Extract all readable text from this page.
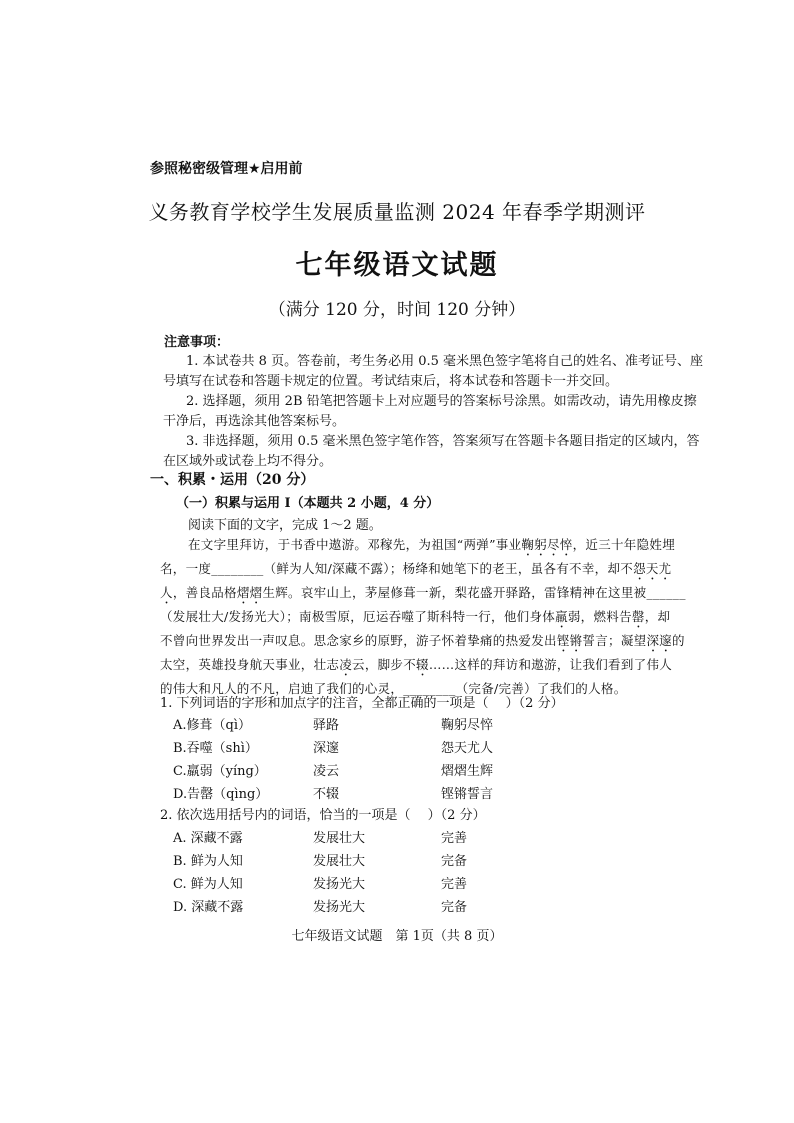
参照秘密级管理★启用前
义务教育学校学生发展质量监测 2024 年春季学期测评
七年级语文试题
（满分 120 分，时间 120 分钟）
注意事项：
1. 本试卷共 8 页。答卷前，考生务必用 0.5 毫米黑色签字笔将自己的姓名、准考证号、座
号填写在试卷和答题卡规定的位置。考试结束后，将本试卷和答题卡一并交回。
2. 选择题，须用 2B 铅笔把答题卡上对应题号的答案标号涂黑。如需改动，请先用橡皮擦
干净后，再选涂其他答案标号。
3. 非选择题，须用 0.5 毫米黑色签字笔作答，答案须写在答题卡各题目指定的区域内，答
在区域外或试卷上均不得分。
一、积累・运用（20 分）
（一）积累与运用 Ⅰ（本题共 2 小题，4 分）
阅读下面的文字，完成 1～2 题。
在文字里拜访，于书香中遨游。邓稼先，为祖国“两弹”事业鞠躬尽悴，近三十年隐姓埋
名，一度________（鲜为人知/深藏不露）；杨绛和她笔下的老王，虽各有不幸，却不怨天尤
人，善良品格熠熠生辉。哀牢山上，茅屋修葺一新，梨花盛开驿路，雷锋精神在这里被______
（发展壮大/发扬光大）；南极雪原，厄运吞噬了斯科特一行，他们身体羸弱，燃料告罄，却
不曾向世界发出一声叹息。思念家乡的原野，游子怀着挚痛的热爱发出铿锵誓言；凝望深邃的
太空，英雄投身航天事业，壮志凌云，脚步不辍……这样的拜访和遨游，让我们看到了伟人
的伟大和凡人的不凡，启迪了我们的心灵，________（完备/完善）了我们的人格。
1. 下列词语的字形和加点字的注音，全都正确的一项是（　 ）（2 分）
A.修葺（qì）	驿路	鞠躬尽悴
B.吞噬（shì）	深邃	怨天尤人
C.羸弱（yíng）	凌云	熠熠生辉
D.告罄（qìng）	不辍	铿锵誓言
2. 依次选用括号内的词语，恰当的一项是（　 ）（2 分）
A. 深藏不露	发展壮大	完善
B. 鲜为人知	发展壮大	完备
C. 鲜为人知	发扬光大	完善
D. 深藏不露	发扬光大	完备
七年级语文试题　第 1页（共 8 页）
